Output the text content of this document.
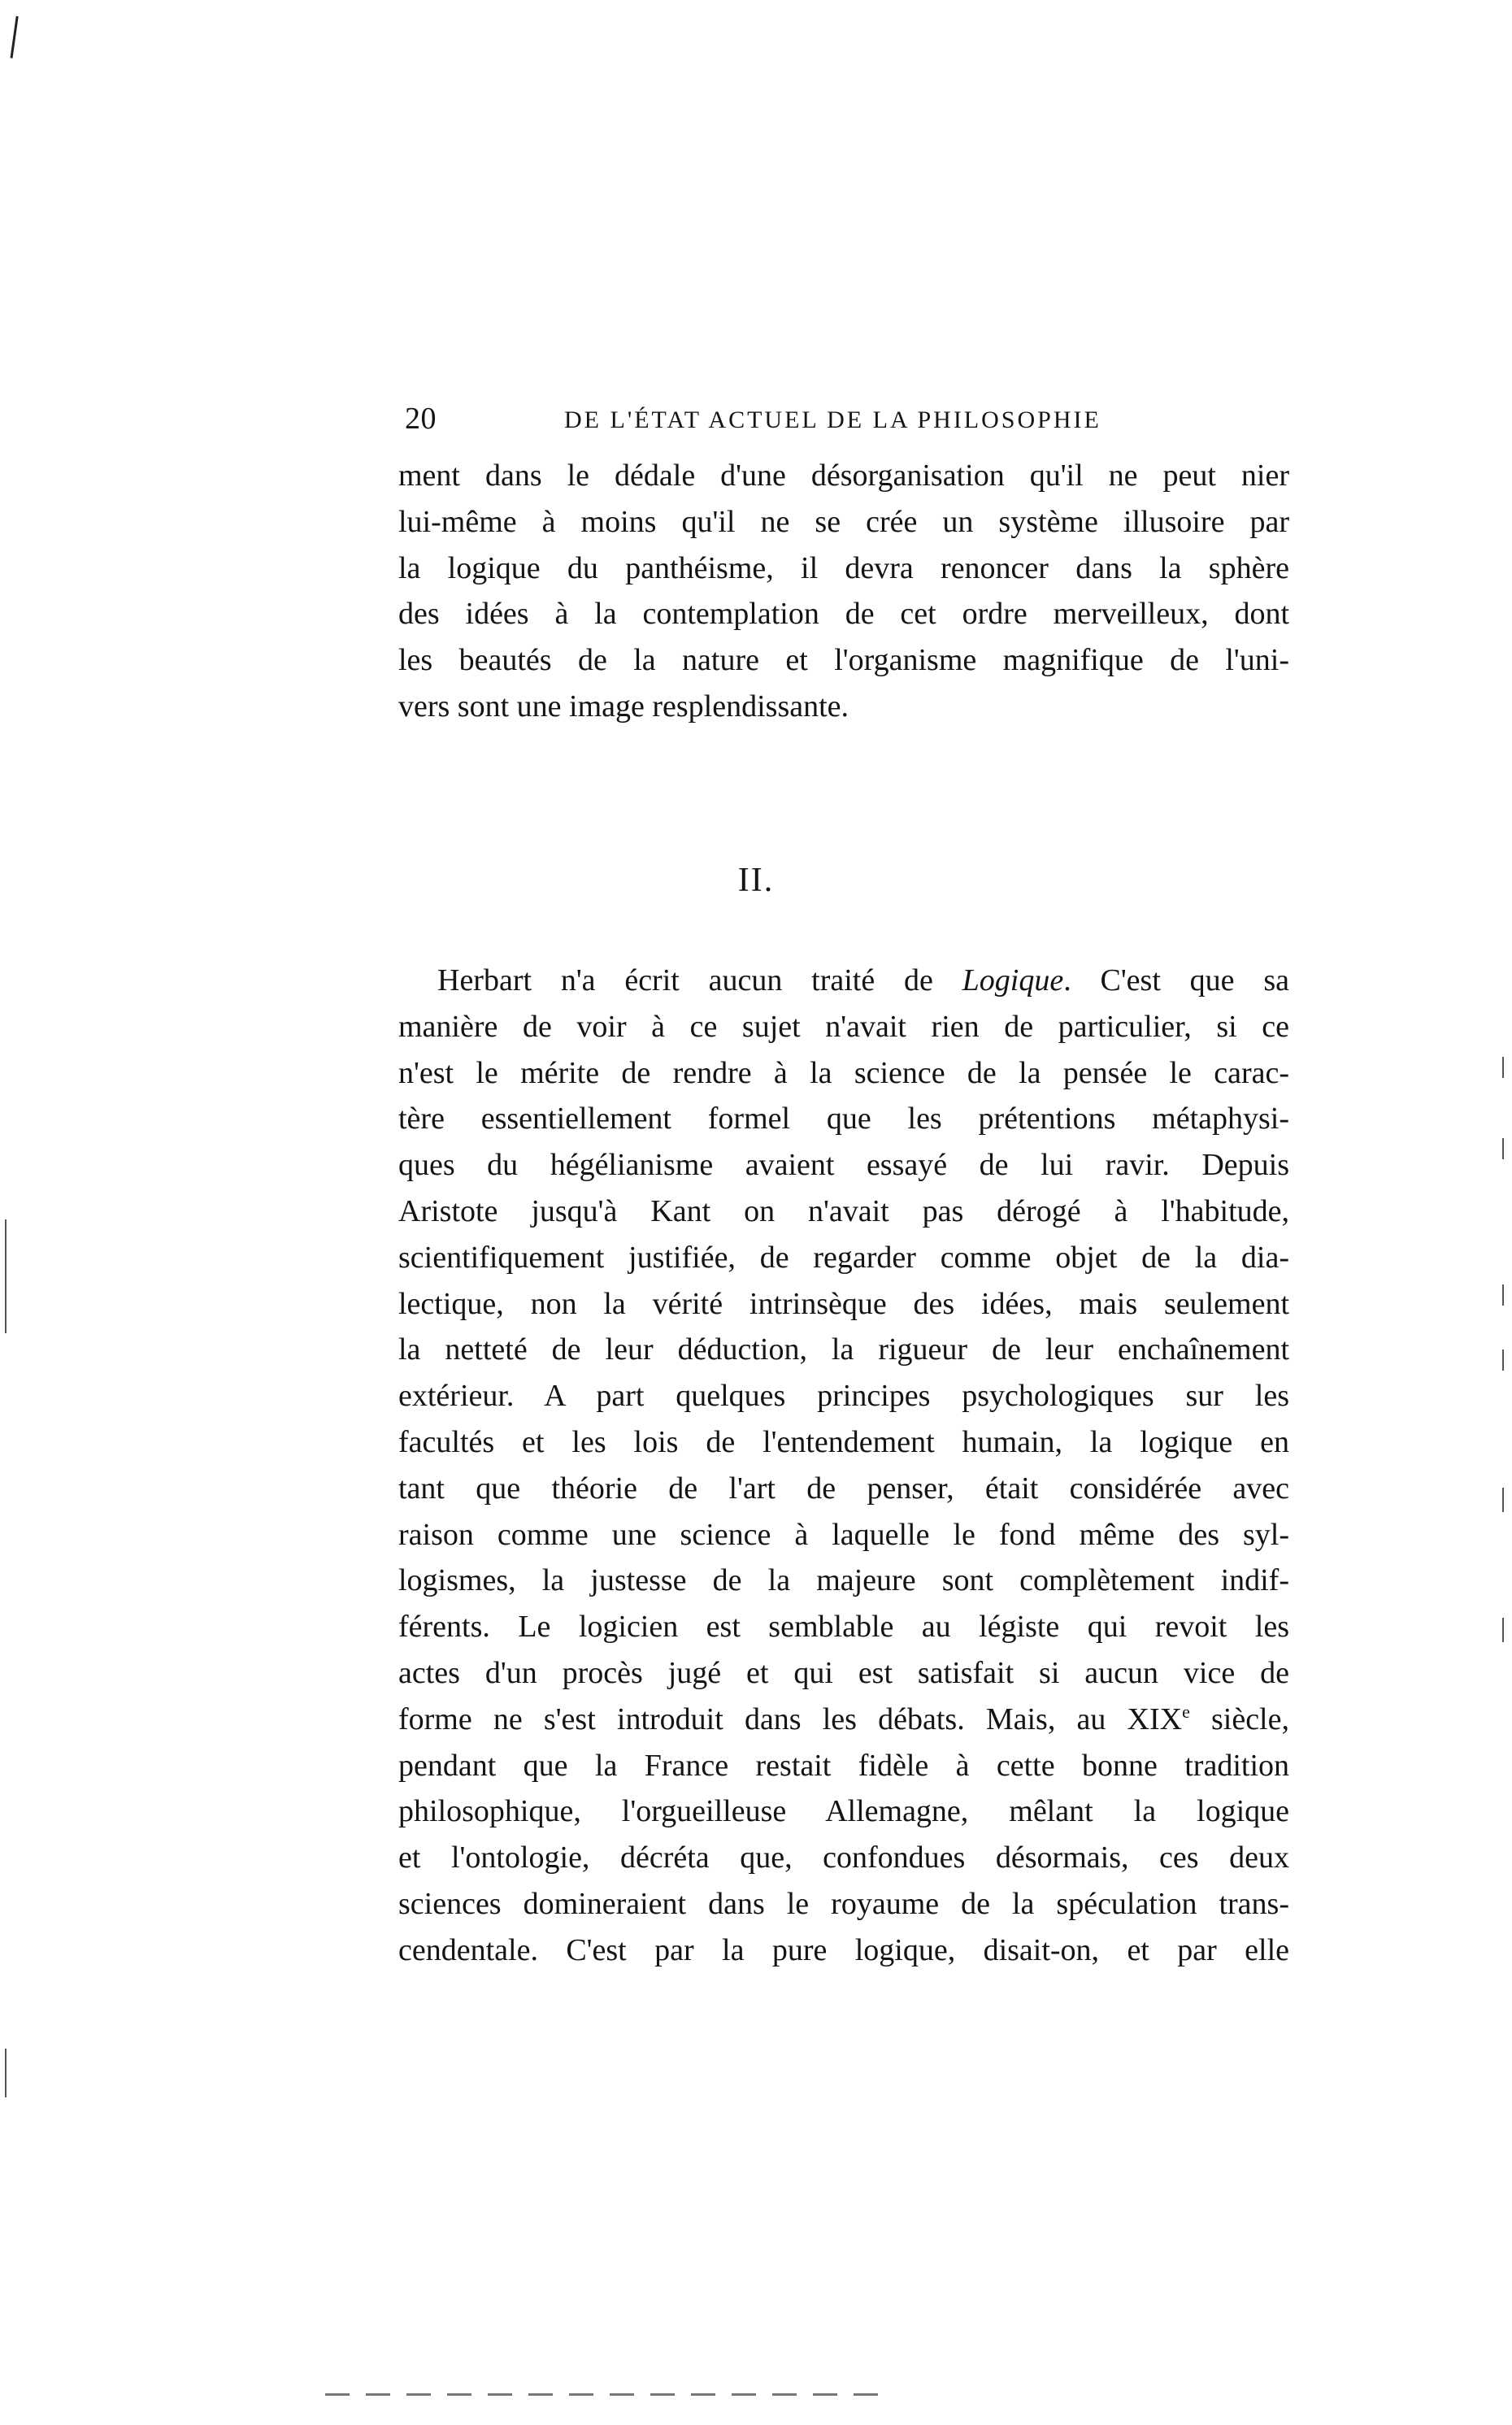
20	DE L'ÉTAT ACTUEL DE LA PHILOSOPHIE
ment dans le dédale d'une désorganisation qu'il ne peut nier
lui-même à moins qu'il ne se crée un système illusoire par
la logique du panthéisme, il devra renoncer dans la sphère
des idées à la contemplation de cet ordre merveilleux, dont
les beautés de la nature et l'organisme magnifique de l'uni-
vers sont une image resplendissante.
II.
Herbart n'a écrit aucun traité de Logique. C'est que sa
manière de voir à ce sujet n'avait rien de particulier, si ce
n'est le mérite de rendre à la science de la pensée le carac-
tère essentiellement formel que les prétentions métaphysi-
ques du hégélianisme avaient essayé de lui ravir. Depuis
Aristote jusqu'à Kant on n'avait pas dérogé à l'habitude,
scientifiquement justifiée, de regarder comme objet de la dia-
lectique, non la vérité intrinsèque des idées, mais seulement
la netteté de leur déduction, la rigueur de leur enchaînement
extérieur. A part quelques principes psychologiques sur les
facultés et les lois de l'entendement humain, la logique en
tant que théorie de l'art de penser, était considérée avec
raison comme une science à laquelle le fond même des syl-
logismes, la justesse de la majeure sont complètement indif-
férents. Le logicien est semblable au légiste qui revoit les
actes d'un procès jugé et qui est satisfait si aucun vice de
forme ne s'est introduit dans les débats. Mais, au XIXe siècle,
pendant que la France restait fidèle à cette bonne tradition
philosophique, l'orgueilleuse Allemagne, mêlant la logique
et l'ontologie, décréta que, confondues désormais, ces deux
sciences domineraient dans le royaume de la spéculation trans-
cendentale. C'est par la pure logique, disait-on, et par elle
